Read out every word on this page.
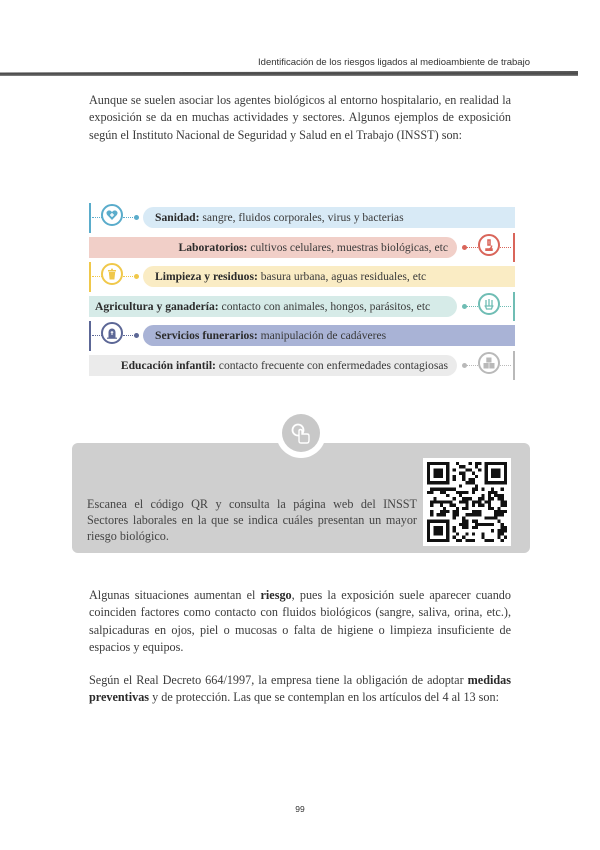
Identificación de los riesgos ligados al medioambiente de trabajo

Aunque se suelen asociar los agentes biológicos al entorno hospitalario, en realidad la exposición se da en muchas actividades y sectores. Algunos ejemplos de exposición según el Instituto Nacional de Seguridad y Salud en el Trabajo (INSST) son:

Sanidad: sangre, fluidos corporales, virus y bacterias
Laboratorios: cultivos celulares, muestras biológicas, etc
Limpieza y residuos: basura urbana, aguas residuales, etc
Agricultura y ganadería: contacto con animales, hongos, parásitos, etc
Servicios funerarios: manipulación de cadáveres
Educación infantil: contacto frecuente con enfermedades contagiosas
Escanea el código QR y consulta la página web del INSST Sectores laborales en la que se indica cuáles presentan un mayor riesgo biológico.

Algunas situaciones aumentan el riesgo, pues la exposición suele aparecer cuando coinciden factores como contacto con fluidos biológicos (sangre, saliva, orina, etc.), salpicaduras en ojos, piel o mucosas o falta de higiene o limpieza insuficiente de espacios y equipos.

Según el Real Decreto 664/1997, la empresa tiene la obligación de adoptar medidas preventivas y de protección. Las que se contemplan en los artículos del 4 al 13 son:

99
